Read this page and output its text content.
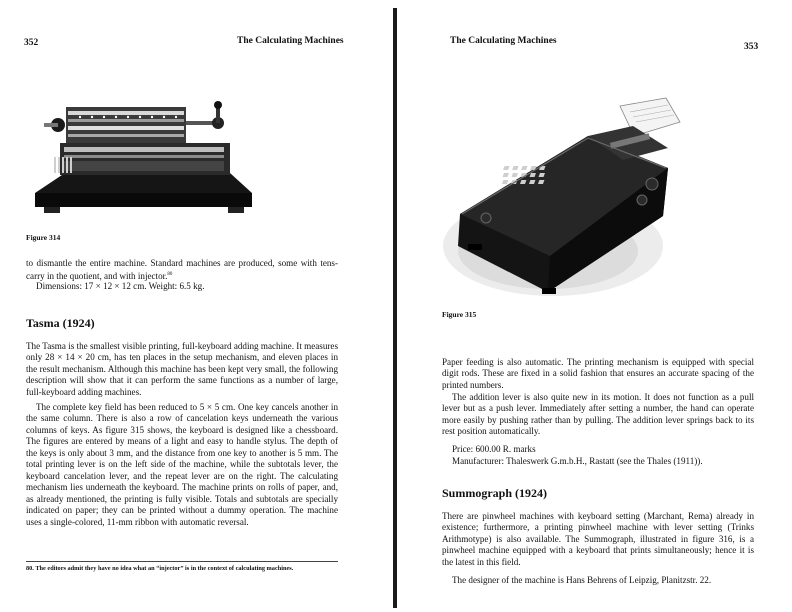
352	The Calculating Machines
Figure 314

to dismantle the entire machine. Standard machines are produced, some with tens-carry in the quotient, and with injector.$^{80}$

Dimensions: 17 × 12 × 12 cm. Weight: 6.5 kg.
Tasma (1924)

The Tasma is the smallest visible printing, full-keyboard adding machine. It measures only 28 × 14 × 20 cm, has ten places in the setup mechanism, and eleven places in the result mechanism. Although this machine has been kept very small, the following description will show that it can perform the same functions as a number of large, full-keyboard adding machines.

The complete key field has been reduced to 5 × 5 cm. One key cancels another in the same column. There is also a row of cancelation keys underneath the various columns of keys. As figure 315 shows, the keyboard is designed like a chessboard. The figures are entered by means of a light and easy to handle stylus. The depth of the keys is only about 3 mm, and the distance from one key to another is 5 mm. The total printing lever is on the left side of the machine, while the subtotals lever, the keyboard cancelation lever, and the repeat lever are on the right. The calculating mechanism lies underneath the keyboard. The machine prints on rolls of paper, and, as already mentioned, the printing is fully visible. Totals and subtotals are specially indicated on paper; they can be printed without a dummy operation. The machine uses a single-colored, 11-mm ribbon with automatic reversal.

80. The editors admit they have no idea what an “injector” is in the context of calculating machines.

The Calculating Machines
353
Figure 315

Paper feeding is also automatic. The printing mechanism is equipped with special digit rods. These are fixed in a solid fashion that ensures an accurate spacing of the printed numbers.

The addition lever is also quite new in its motion. It does not function as a pull lever but as a push lever. Immediately after setting a number, the hand can operate more easily by pushing rather than by pulling. The addition lever springs back to its rest position automatically.

Price: 600.00 R. marks
Manufacturer: Thaleswerk G.m.b.H., Rastatt (see the Thales (1911)).
Summograph (1924)

There are pinwheel machines with keyboard setting (Marchant, Rema) already in existence; furthermore, a printing pinwheel machine with lever setting (Trinks Arithmotype) is also available. The Summograph, illustrated in figure 316, is a pinwheel machine equipped with a keyboard that prints simultaneously; hence it is the latest in this field.

The designer of the machine is Hans Behrens of Leipzig, Planitzstr. 22.
